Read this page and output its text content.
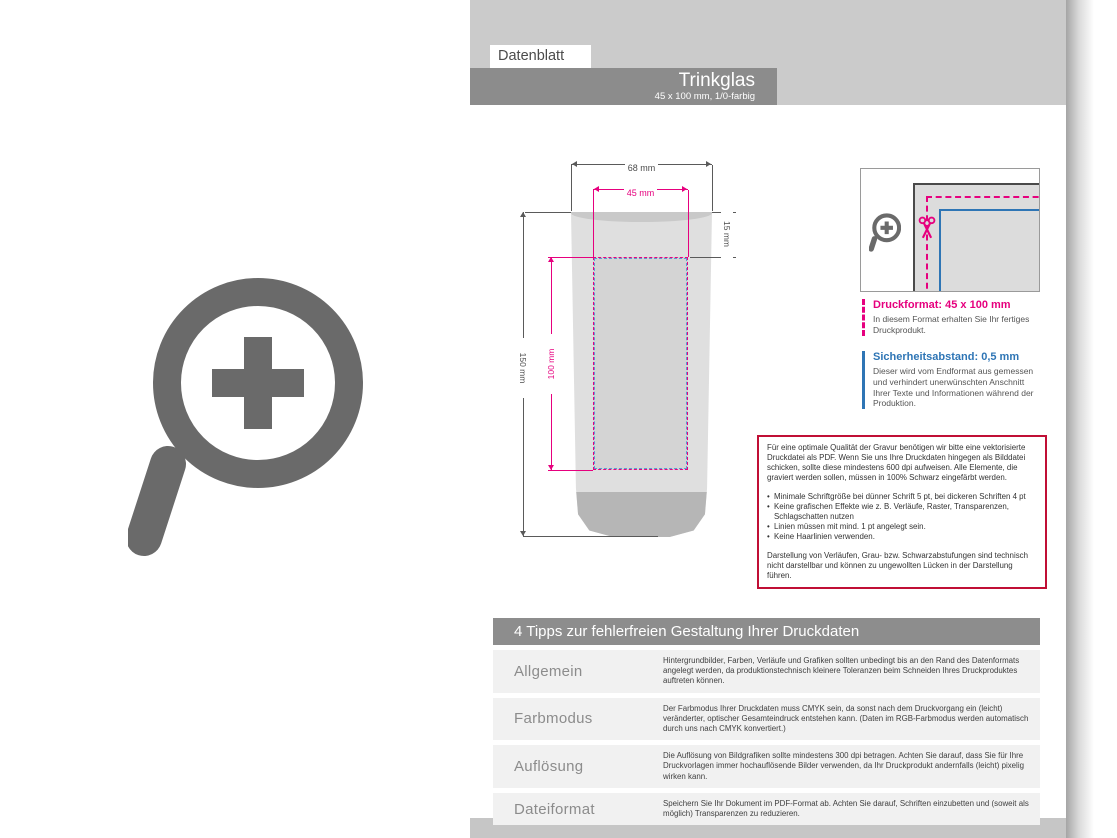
Datenblatt
Trinkglas
45 x 100 mm, 1/0-farbig
68 mm
45 mm
15 mm
150 mm 100 mm
Druckformat: 45 x 100 mm
In diesem Format erhalten Sie Ihr fertiges Druckprodukt.
Sicherheitsabstand: 0,5 mm
Dieser wird vom Endformat aus gemessen und verhindert unerwünschten Anschnitt Ihrer Texte und Informationen während der Produktion.

Für eine optimale Qualität der Gravur benötigen wir bitte eine vektorisierte Druckdatei als PDF. Wenn Sie uns Ihre Druckdaten hingegen als Bilddatei schicken, sollte diese mindestens 600 dpi aufweisen. Alle Elemente, die graviert werden sollen, müssen in 100% Schwarz eingefärbt werden.

• Minimale Schriftgröße bei dünner Schrift 5 pt, bei dickeren Schriften 4 pt
• Keine grafischen Effekte wie z. B. Verläufe, Raster, Transparenzen, Schlagschatten nutzen
• Linien müssen mit mind. 1 pt angelegt sein.
• Keine Haarlinien verwenden.

Darstellung von Verläufen, Grau- bzw. Schwarzabstufungen sind technisch nicht darstellbar und können zu ungewollten Lücken in der Darstellung führen.

4 Tipps zur fehlerfreien Gestaltung Ihrer Druckdaten
Allgemein
Hintergrundbilder, Farben, Verläufe und Grafiken sollten unbedingt bis an den Rand des Datenformats angelegt werden, da produktionstechnisch kleinere Toleranzen beim Schneiden Ihres Druckproduktes auftreten können.
Farbmodus
Der Farbmodus Ihrer Druckdaten muss CMYK sein, da sonst nach dem Druckvorgang ein (leicht) veränderter, optischer Gesamteindruck entstehen kann. (Daten im RGB-Farbmodus werden automatisch durch uns nach CMYK konvertiert.)
Auflösung
Die Auflösung von Bildgrafiken sollte mindestens 300 dpi betragen. Achten Sie darauf, dass Sie für Ihre Druckvorlagen immer hochauflösende Bilder verwenden, da Ihr Druckprodukt andernfalls (leicht) pixelig wirken kann.
Dateiformat	Speichern Sie Ihr Dokument im PDF-Format ab. Achten Sie darauf, Schriften einzubetten und (soweit als möglich) Transparenzen zu reduzieren.
